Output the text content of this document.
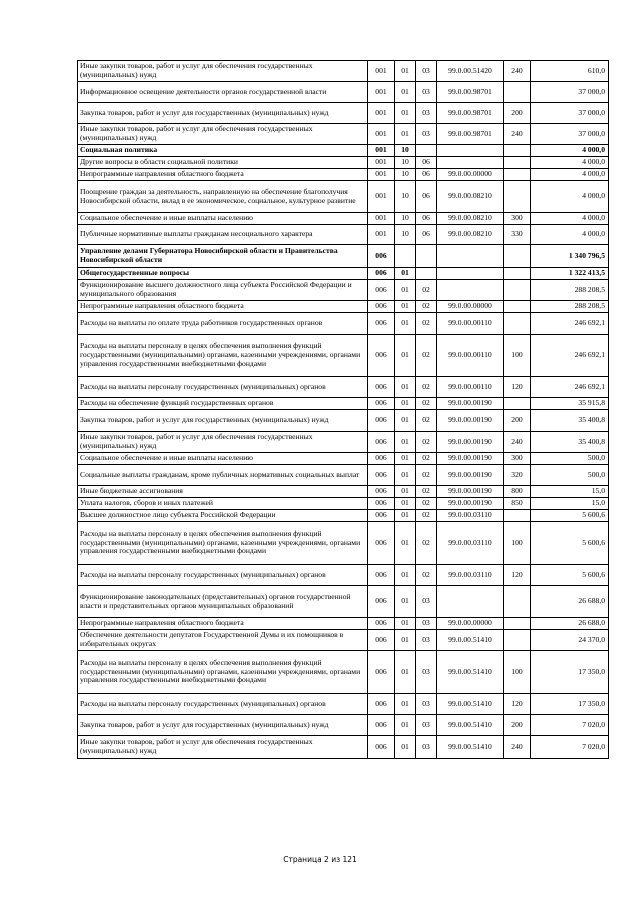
Иные закупки товаров, работ и услуг для обеспечения государственных (муниципальных) нужд	001	01	03	99.0.00.51420	240	610,0
Информационное освещение деятельности органов государственной власти	001	01	03	99.0.00.98701		37 000,0
Закупка товаров, работ и услуг для государственных (муниципальных) нужд	001	01	03	99.0.00.98701	200	37 000,0
Иные закупки товаров, работ и услуг для обеспечения государственных (муниципальных) нужд	001	01	03	99.0.00.98701	240	37 000,0
Социальная политика	001	10				4 000,0
Другие вопросы в области социальной политики	001	10	06			4 000,0
Непрограммные направления областного бюджета	001	10	06	99.0.00.00000		4 000,0
Поощрение граждан за деятельность, направленную на обеспечение благополучия Новосибирской области, вклад в ее экономическое, социальное, культурное развитие	001	10	06	99.0.00.08210		4 000,0
Социальное обеспечение и иные выплаты населению	001	10	06	99.0.00.08210	300	4 000,0
Публичные нормативные выплаты гражданам несоциального характера	001	10	06	99.0.00.08210	330	4 000,0
Управление делами Губернатора Новосибирской области и Правительства Новосибирской области	006					1 340 796,5
Общегосударственные вопросы	006	01				1 322 413,5
Функционирование высшего должностного лица субъекта Российской Федерации и муниципального образования	006	01	02			288 208,5
Непрограммные направления областного бюджета	006	01	02	99.0.00.00000		288 208,5
Расходы на выплаты по оплате труда работников государственных органов	006	01	02	99.0.00.00110		246 692,1
Расходы на выплаты персоналу в целях обеспечения выполнения функций государственными (муниципальными) органами, казенными учреждениями, органами управления государственными внебюджетными фондами	006	01	02	99.0.00.00110	100	246 692,1
Расходы на выплаты персоналу государственных (муниципальных) органов	006	01	02	99.0.00.00110	120	246 692,1
Расходы на обеспечение функций государственных органов	006	01	02	99.0.00.00190		35 915,8
Закупка товаров, работ и услуг для государственных (муниципальных) нужд	006	01	02	99.0.00.00190	200	35 400,8
Иные закупки товаров, работ и услуг для обеспечения государственных (муниципальных) нужд	006	01	02	99.0.00.00190	240	35 400,8
Социальное обеспечение и иные выплаты населению	006	01	02	99.0.00.00190	300	500,0
Социальные выплаты гражданам, кроме публичных нормативных социальных выплат	006	01	02	99.0.00.00190	320	500,0
Иные бюджетные ассигнования	006	01	02	99.0.00.00190	800	15,0
Уплата налогов, сборов и иных платежей	006	01	02	99.0.00.00190	850	15,0
Высшее должностное лицо субъекта Российской Федерации	006	01	02	99.0.00.03110		5 600,6
Расходы на выплаты персоналу в целях обеспечения выполнения функций государственными (муниципальными) органами, казенными учреждениями, органами управления государственными внебюджетными фондами	006	01	02	99.0.00.03110	100	5 600,6
Расходы на выплаты персоналу государственных (муниципальных) органов	006	01	02	99.0.00.03110	120	5 600,6
Функционирование законодательных (представительных) органов государственной власти и представительных органов муниципальных образований	006	01	03			26 688,0
Непрограммные направления областного бюджета	006	01	03	99.0.00.00000		26 688,0
Обеспечение деятельности депутатов Государственной Думы и их помощников в избирательных округах	006	01	03	99.0.00.51410		24 370,0
Расходы на выплаты персоналу в целях обеспечения выполнения функций государственными (муниципальными) органами, казенными учреждениями, органами управления государственными внебюджетными фондами	006	01	03	99.0.00.51410	100	17 350,0
Расходы на выплаты персоналу государственных (муниципальных) органов	006	01	03	99.0.00.51410	120	17 350,0
Закупка товаров, работ и услуг для государственных (муниципальных) нужд	006	01	03	99.0.00.51410	200	7 020,0
Иные закупки товаров, работ и услуг для обеспечения государственных (муниципальных) нужд	006	01	03	99.0.00.51410	240	7 020,0
Страница 2 из 121
